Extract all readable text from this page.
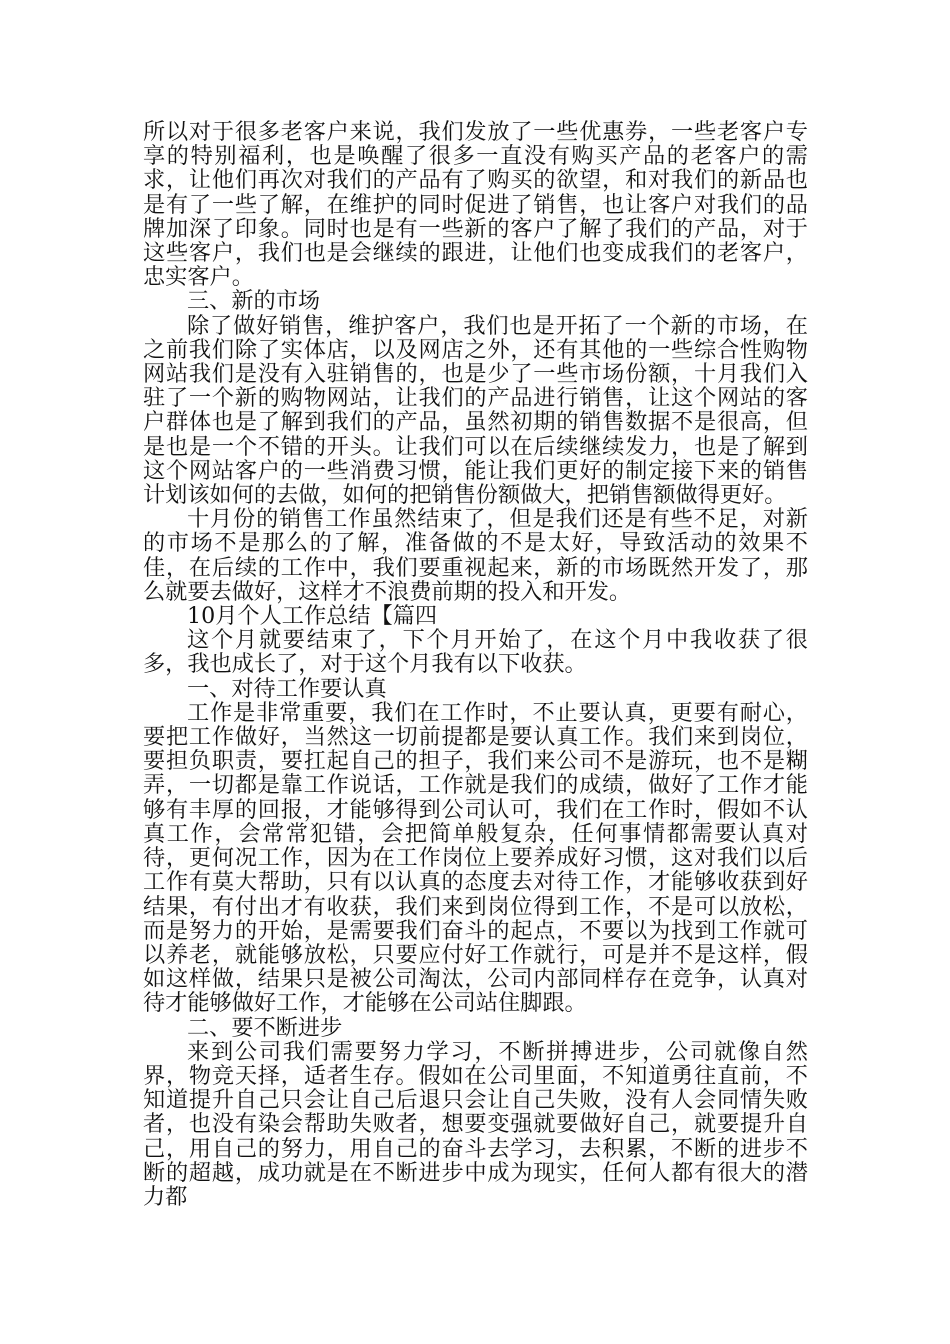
所以对于很多老客户来说，我们发放了一些优惠券，一些老客户专享的特别福利，也是唤醒了很多一直没有购买产品的老客户的需求，让他们再次对我们的产品有了购买的欲望，和对我们的新品也是有了一些了解，在维护的同时促进了销售，也让客户对我们的品牌加深了印象。同时也是有一些新的客户了解了我们的产品，对于这些客户，我们也是会继续的跟进，让他们也变成我们的老客户，忠实客户。

三、新的市场

除了做好销售，维护客户，我们也是开拓了一个新的市场，在之前我们除了实体店，以及网店之外，还有其他的一些综合性购物网站我们是没有入驻销售的，也是少了一些市场份额，十月我们入驻了一个新的购物网站，让我们的产品进行销售，让这个网站的客户群体也是了解到我们的产品，虽然初期的销售数据不是很高，但是也是一个不错的开头。让我们可以在后续继续发力，也是了解到这个网站客户的一些消费习惯，能让我们更好的制定接下来的销售计划该如何的去做，如何的把销售份额做大，把销售额做得更好。

十月份的销售工作虽然结束了，但是我们还是有些不足，对新的市场不是那么的了解，准备做的不是太好，导致活动的效果不佳，在后续的工作中，我们要重视起来，新的市场既然开发了，那么就要去做好，这样才不浪费前期的投入和开发。

10月个人工作总结【篇四

这个月就要结束了，下个月开始了，在这个月中我收获了很多，我也成长了，对于这个月我有以下收获。

一、对待工作要认真

工作是非常重要，我们在工作时，不止要认真，更要有耐心，要把工作做好，当然这一切前提都是要认真工作。我们来到岗位，要担负职责，要扛起自己的担子，我们来公司不是游玩，也不是糊弄，一切都是靠工作说话，工作就是我们的成绩，做好了工作才能够有丰厚的回报，才能够得到公司认可，我们在工作时，假如不认真工作，会常常犯错，会把简单般复杂，任何事情都需要认真对待，更何况工作，因为在工作岗位上要养成好习惯，这对我们以后工作有莫大帮助，只有以认真的态度去对待工作，才能够收获到好结果，有付出才有收获，我们来到岗位得到工作，不是可以放松，而是努力的开始，是需要我们奋斗的起点，不要以为找到工作就可以养老，就能够放松，只要应付好工作就行，可是并不是这样，假如这样做，结果只是被公司淘汰，公司内部同样存在竞争，认真对待才能够做好工作，才能够在公司站住脚跟。

二、要不断进步

来到公司我们需要努力学习，不断拼搏进步，公司就像自然界，物竞天择，适者生存。假如在公司里面，不知道勇往直前，不知道提升自己只会让自己后退只会让自己失败，没有人会同情失败者，也没有染会帮助失败者，想要变强就要做好自己，就要提升自己，用自己的努力，用自己的奋斗去学习，去积累，不断的进步不断的超越，成功就是在不断进步中成为现实，任何人都有很大的潜力都
